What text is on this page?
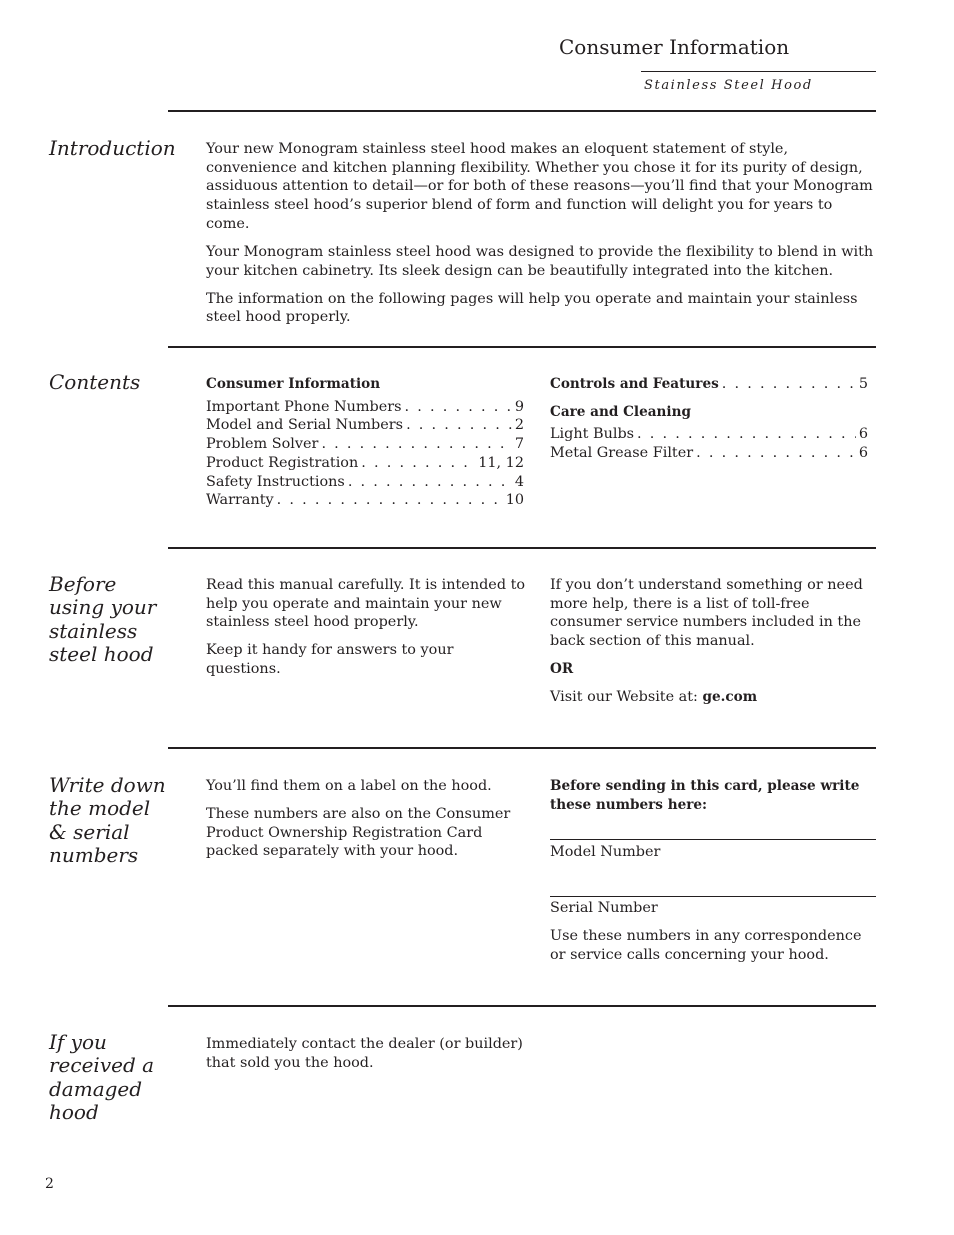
Consumer Information
Stainless Steel Hood
Introduction Your new Monogram stainless steel hood makes an eloquent statement of style, convenience and kitchen planning flexibility. Whether you chose it for its purity of design, assiduous attention to detail—or for both of these reasons—you’ll find that your Monogram stainless steel hood’s superior blend of form and function will delight you for years to come.

Your Monogram stainless steel hood was designed to provide the flexibility to blend in with your kitchen cabinetry. Its sleek design can be beautifully integrated into the kitchen.

The information on the following pages will help you operate and maintain your stainless steel hood properly.

Contents	Consumer Information
Important Phone Numbers . . .	9
Model and Serial Numbers . . .	2
Problem Solver . . .	7
Product Registration . . .	11, 12
Safety Instructions . . .	4
Warranty . . .	10
Controls and Features . . .	5
Care and Cleaning
Light Bulbs . . .	6
Metal Grease Filter . . .	6
Before using your stainless steel hood

Read this manual carefully. It is intended to help you operate and maintain your new stainless steel hood properly.

Keep it handy for answers to your questions.

If you don’t understand something or need more help, there is a list of toll-free consumer service numbers included in the back section of this manual.

OR

Visit our Website at: ge.com

Write down the model & serial numbers

You’ll find them on a label on the hood.

These numbers are also on the Consumer Product Ownership Registration Card packed separately with your hood.

Before sending in this card, please write these numbers here:
Model Number
Serial Number
Use these numbers in any correspondence or service calls concerning your hood.
If you received a damaged hood
Immediately contact the dealer (or builder) that sold you the hood.
2
